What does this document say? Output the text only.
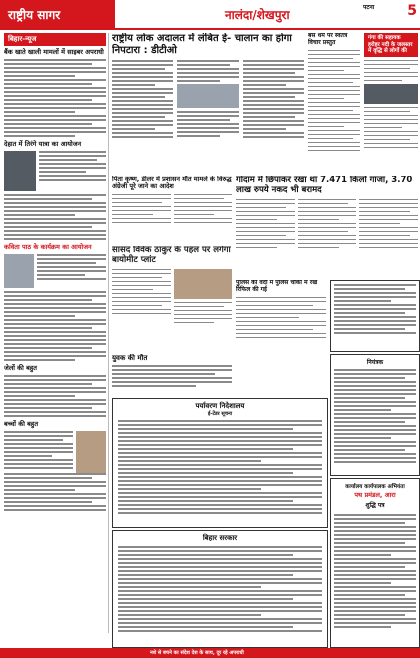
राष्ट्रीय सागर	नालंदा/शेखपुरा
पटना 5
बिहार-न्यूज
बैंक खाते खाली मामलों में साइबर अपराधी
देहात में तिरंगे यात्रा का आयोजन
कविता पाठ के कार्यक्रम का आयोजन
जेलों की बहुत
बच्चों की बहुत
राष्ट्रीय लोक अदालत में लंबित ई- चालान का होगा निपटारा : डीटीओ
बस धर्म पर स्वतंत्र विचार प्रस्तुत
गंगा की सहायक हरोहर नदी के जलस्तर में वृद्धि से लोगों की
पिता कृष्ण, डीलर में प्रशासन मौत मामले के विरुद्ध अंग्रेजी पूरे जाने का आदेश
गोदाम में छिपाकर रखा था 7.471 किलो गांजा, 3.70 लाख रुपये नकद भी बरामद
सांसद विवेक ठाकुर के पहल पर लगेगा बायोमीट प्लांट
पुलिस की वर्दी में पुलिस चौकी में रखे रिफिल की गई
युवक की मौत
पर्यावरण निदेशालय
ई-टेंडर सूचना
बिहार सरकार
नियंत्रक
कार्यालय कार्यपालक अभियंता
पथ प्रमंडल, आरा
शुद्धि पत्र
नशे से बचने का संदेश देश के साथ, दूर रहे अपराधी
